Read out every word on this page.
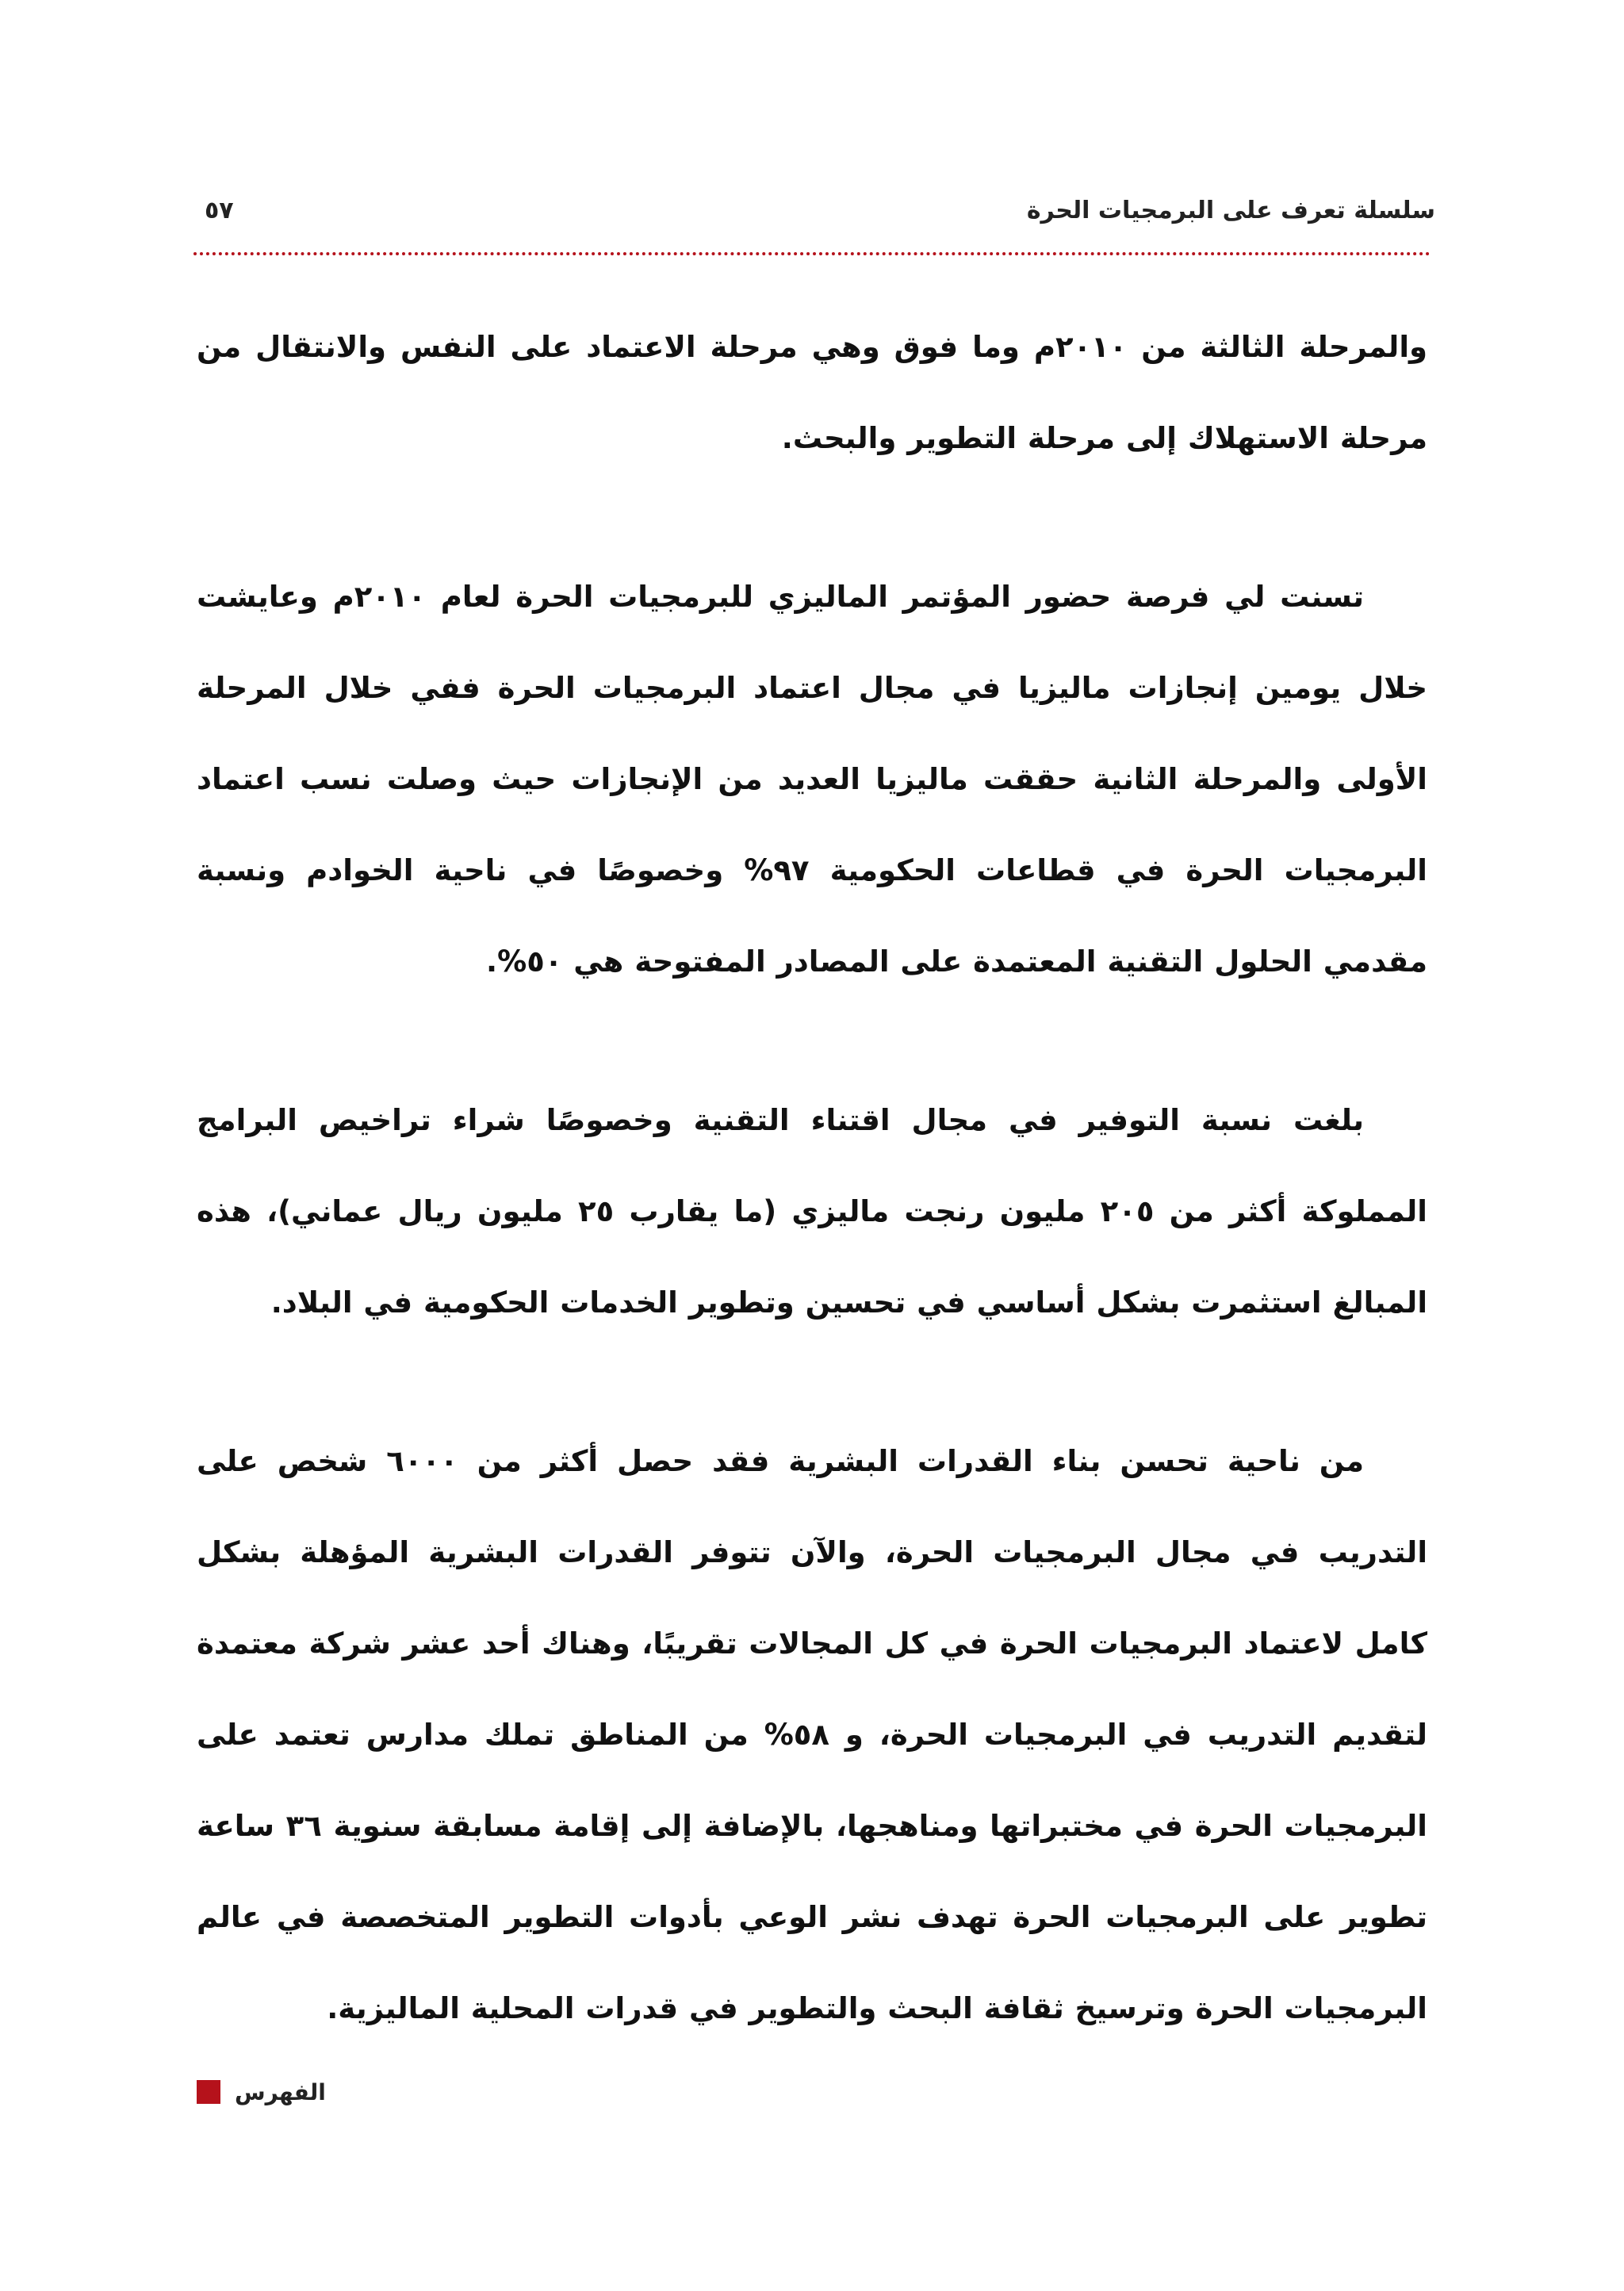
سلسلة تعرف على البرمجيات الحرة
٥٧

والمرحلة الثالثة من ٢٠١٠م وما فوق وهي مرحلة الاعتماد على النفس والانتقال من مرحلة الاستهلاك إلى مرحلة التطوير والبحث.

تسنت لي فرصة حضور المؤتمر الماليزي للبرمجيات الحرة لعام ٢٠١٠م وعايشت خلال يومين إنجازات ماليزيا في مجال اعتماد البرمجيات الحرة ففي خلال المرحلة الأولى والمرحلة الثانية حققت ماليزيا العديد من الإنجازات حيث وصلت نسب اعتماد البرمجيات الحرة في قطاعات الحكومية ٩٧% وخصوصًا في ناحية الخوادم ونسبة مقدمي الحلول التقنية المعتمدة على المصادر المفتوحة هي ٥٠%.

بلغت نسبة التوفير في مجال اقتناء التقنية وخصوصًا شراء تراخيص البرامج المملوكة أكثر من ٢٠٥ مليون رنجت ماليزي (ما يقارب ٢٥ مليون ريال عماني)، هذه المبالغ استثمرت بشكل أساسي في تحسين وتطوير الخدمات الحكومية في البلاد.

من ناحية تحسن بناء القدرات البشرية فقد حصل أكثر من ٦٠٠٠ شخص على التدريب في مجال البرمجيات الحرة، والآن تتوفر القدرات البشرية المؤهلة بشكل كامل لاعتماد البرمجيات الحرة في كل المجالات تقريبًا، وهناك أحد عشر شركة معتمدة لتقديم التدريب في البرمجيات الحرة، و ٥٨% من المناطق تملك مدارس تعتمد على البرمجيات الحرة في مختبراتها ومناهجها، بالإضافة إلى إقامة مسابقة سنوية ٣٦ ساعة تطوير على البرمجيات الحرة تهدف نشر الوعي بأدوات التطوير المتخصصة في عالم البرمجيات الحرة وترسيخ ثقافة البحث والتطوير في قدرات المحلية الماليزية.

الفهرس
